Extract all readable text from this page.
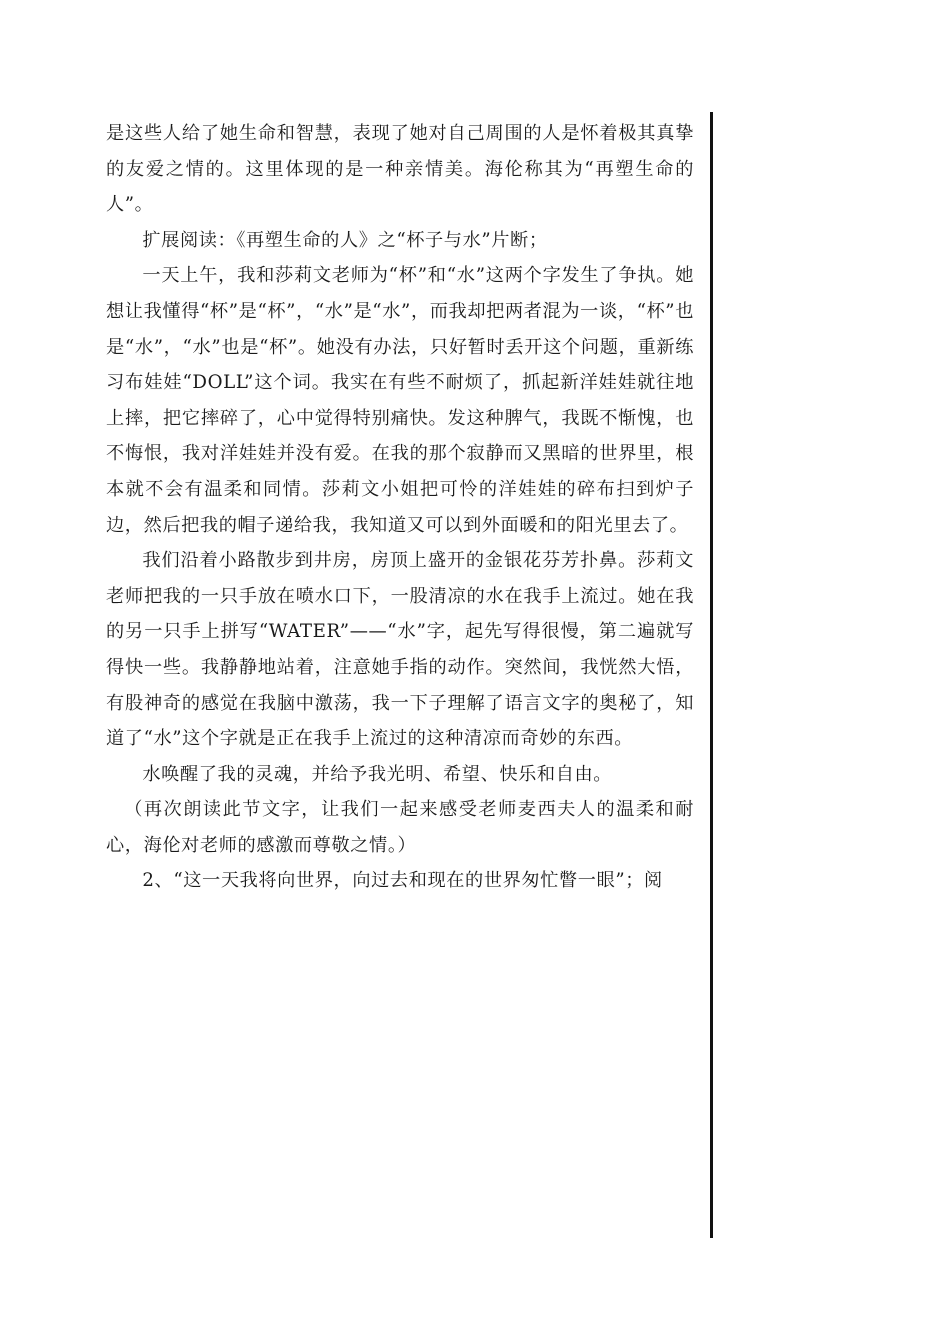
是这些人给了她生命和智慧，表现了她对自己周围的人是怀着极其真挚的友爱之情的。这里体现的是一种亲情美。海伦称其为“再塑生命的人”。

扩展阅读：《再塑生命的人》之“杯子与水”片断；

一天上午，我和莎莉文老师为“杯”和“水”这两个字发生了争执。她想让我懂得“杯”是“杯”，“水”是“水”，而我却把两者混为一谈，“杯”也是“水”，“水”也是“杯”。她没有办法，只好暂时丢开这个问题，重新练习布娃娃“DOLL”这个词。我实在有些不耐烦了，抓起新洋娃娃就往地上摔，把它摔碎了，心中觉得特别痛快。发这种脾气，我既不惭愧，也不悔恨，我对洋娃娃并没有爱。在我的那个寂静而又黑暗的世界里，根本就不会有温柔和同情。莎莉文小姐把可怜的洋娃娃的碎布扫到炉子边，然后把我的帽子递给我，我知道又可以到外面暖和的阳光里去了。

我们沿着小路散步到井房，房顶上盛开的金银花芬芳扑鼻。莎莉文老师把我的一只手放在喷水口下，一股清凉的水在我手上流过。她在我的另一只手上拼写“WATER”——“水”字，起先写得很慢，第二遍就写得快一些。我静静地站着，注意她手指的动作。突然间，我恍然大悟，有股神奇的感觉在我脑中激荡，我一下子理解了语言文字的奥秘了，知道了“水”这个字就是正在我手上流过的这种清凉而奇妙的东西。

水唤醒了我的灵魂，并给予我光明、希望、快乐和自由。

（再次朗读此节文字，让我们一起来感受老师麦西夫人的温柔和耐心，海伦对老师的感激而尊敬之情。）

2、“这一天我将向世界，向过去和现在的世界匆忙瞥一眼”；阅
